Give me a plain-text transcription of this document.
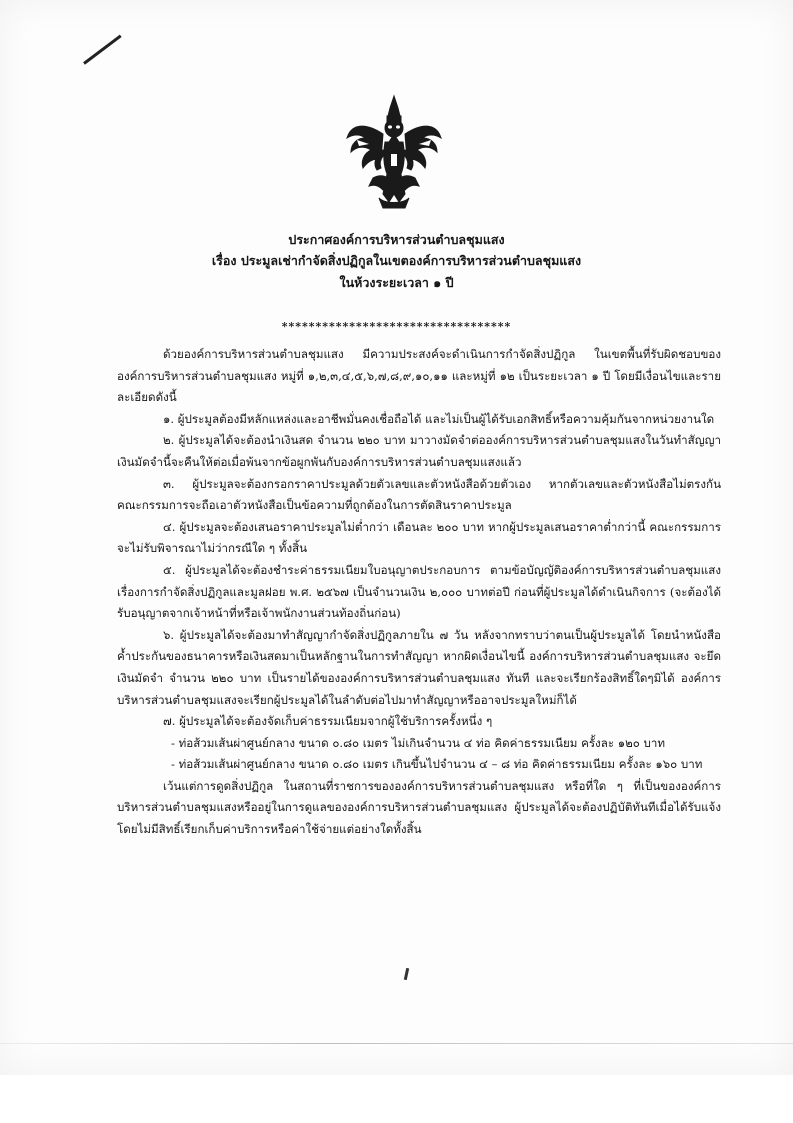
ประกาศองค์การบริหารส่วนตำบลชุมแสง
เรื่อง ประมูลเช่ากำจัดสิ่งปฏิกูลในเขตองค์การบริหารส่วนตำบลชุมแสง
ในห้วงระยะเวลา ๑ ปี
**********************************

ด้วยองค์การบริหารส่วนตำบลชุมแสง มีความประสงค์จะดำเนินการกำจัดสิ่งปฏิกูล ในเขตพื้นที่รับผิดชอบขององค์การบริหารส่วนตำบลชุมแสง หมู่ที่ ๑,๒,๓,๔,๕,๖,๗,๘,๙,๑๐,๑๑ และหมู่ที่ ๑๒ เป็นระยะเวลา ๑ ปี โดยมีเงื่อนไขและรายละเอียดดังนี้

๑. ผู้ประมูลต้องมีหลักแหล่งและอาชีพมั่นคงเชื่อถือได้ และไม่เป็นผู้ได้รับเอกสิทธิ์หรือความคุ้มกันจากหน่วยงานใด

๒. ผู้ประมูลได้จะต้องนำเงินสด จำนวน ๒๒๐ บาท มาวางมัดจำต่อองค์การบริหารส่วนตำบลชุมแสงในวันทำสัญญา เงินมัดจำนี้จะคืนให้ต่อเมื่อพ้นจากข้อผูกพันกับองค์การบริหารส่วนตำบลชุมแสงแล้ว

๓. ผู้ประมูลจะต้องกรอกราคาประมูลด้วยตัวเลขและตัวหนังสือด้วยตัวเอง หากตัวเลขและตัวหนังสือไม่ตรงกัน คณะกรรมการจะถือเอาตัวหนังสือเป็นข้อความที่ถูกต้องในการตัดสินราคาประมูล

๔. ผู้ประมูลจะต้องเสนอราคาประมูลไม่ต่ำกว่า เดือนละ ๒๐๐ บาท หากผู้ประมูลเสนอราคาต่ำกว่านี้ คณะกรรมการจะไม่รับพิจารณาไม่ว่ากรณีใด ๆ ทั้งสิ้น

๕. ผู้ประมูลได้จะต้องชำระค่าธรรมเนียมใบอนุญาตประกอบการ ตามข้อบัญญัติองค์การบริหารส่วนตำบลชุมแสง เรื่องการกำจัดสิ่งปฏิกูลและมูลฝอย พ.ศ. ๒๕๖๗ เป็นจำนวนเงิน ๒,๐๐๐ บาทต่อปี ก่อนที่ผู้ประมูลได้ดำเนินกิจการ (จะต้องได้รับอนุญาตจากเจ้าหน้าที่หรือเจ้าพนักงานส่วนท้องถิ่นก่อน)

๖. ผู้ประมูลได้จะต้องมาทำสัญญากำจัดสิ่งปฏิกูลภายใน ๗ วัน หลังจากทราบว่าตนเป็นผู้ประมูลได้ โดยนำหนังสือค้ำประกันของธนาคารหรือเงินสดมาเป็นหลักฐานในการทำสัญญา หากผิดเงื่อนไขนี้ องค์การบริหารส่วนตำบลชุมแสง จะยึดเงินมัดจำ จำนวน ๒๒๐ บาท เป็นรายได้ขององค์การบริหารส่วนตำบลชุมแสง ทันที และจะเรียกร้องสิทธิ์ใดๆมิได้ องค์การบริหารส่วนตำบลชุมแสงจะเรียกผู้ประมูลได้ในลำดับต่อไปมาทำสัญญาหรืออาจประมูลใหม่ก็ได้

๗. ผู้ประมูลได้จะต้องจัดเก็บค่าธรรมเนียมจากผู้ใช้บริการครั้งหนึ่ง ๆ

- ท่อส้วมเส้นผ่าศูนย์กลาง ขนาด ๐.๘๐ เมตร ไม่เกินจำนวน ๔ ท่อ คิดค่าธรรมเนียม ครั้งละ ๑๒๐ บาท

- ท่อส้วมเส้นผ่าศูนย์กลาง ขนาด ๐.๘๐ เมตร เกินขึ้นไปจำนวน ๔ – ๘ ท่อ คิดค่าธรรมเนียม ครั้งละ ๑๖๐ บาท

เว้นแต่การดูดสิ่งปฏิกูล ในสถานที่ราชการขององค์การบริหารส่วนตำบลชุมแสง หรือที่ใด ๆ ที่เป็นขององค์การบริหารส่วนตำบลชุมแสงหรืออยู่ในการดูแลขององค์การบริหารส่วนตำบลชุมแสง ผู้ประมูลได้จะต้องปฏิบัติทันทีเมื่อได้รับแจ้ง โดยไม่มีสิทธิ์เรียกเก็บค่าบริการหรือค่าใช้จ่ายแต่อย่างใดทั้งสิ้น
